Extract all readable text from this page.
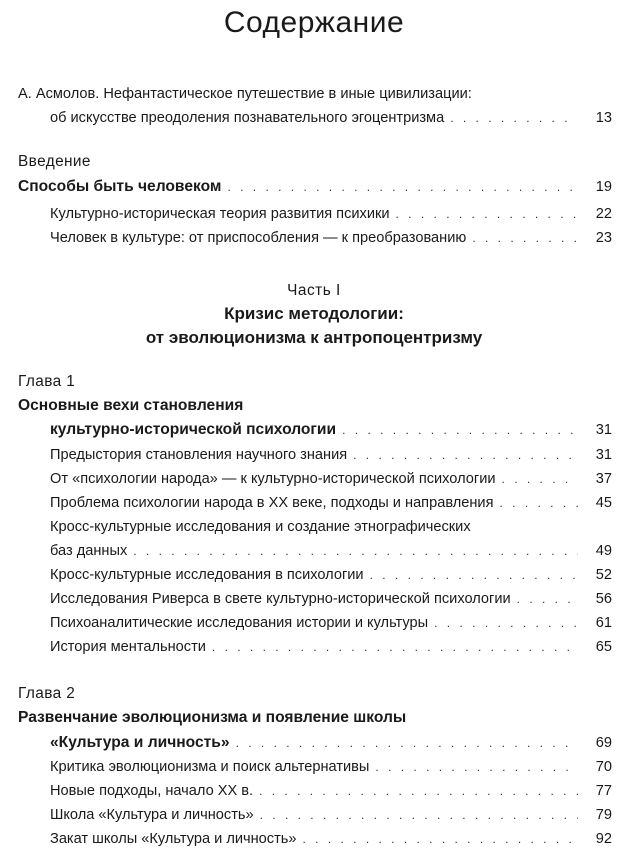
Содержание
А. Асмолов. Нефантастическое путешествие в иные цивилизации:
об искусстве преодоления познавательного эгоцентризма . . .	13
Введение
Способы быть человеком . . .	19
Культурно-историческая теория развития психики . . .	22
Человек в культуре: от приспособления — к преобразованию . . .	23
Часть I
Кризис методологии:
от эволюционизма к антропоцентризму
Глава 1
Основные вехи становления
культурно-исторической психологии . . .	31
Предыстория становления научного знания . . .	31
От «психологии народа» — к культурно-исторической психологии . . .	37
Проблема психологии народа в XX веке, подходы и направления . . .	45
Кросс-культурные исследования и создание этнографических
баз данных . . .	49
Кросс-культурные исследования в психологии . . .	52
Исследования Риверса в свете культурно-исторической психологии . . .	56
Психоаналитические исследования истории и культуры . . .	61
История ментальности . . .	65
Глава 2
Развенчание эволюционизма и появление школы
«Культура и личность» . . .	69
Критика эволюционизма и поиск альтернативы . . .	70
Новые подходы, начало XX в. . . .	77
Школа «Культура и личность» . . .	79
Закат школы «Культура и личность» . . .	92
